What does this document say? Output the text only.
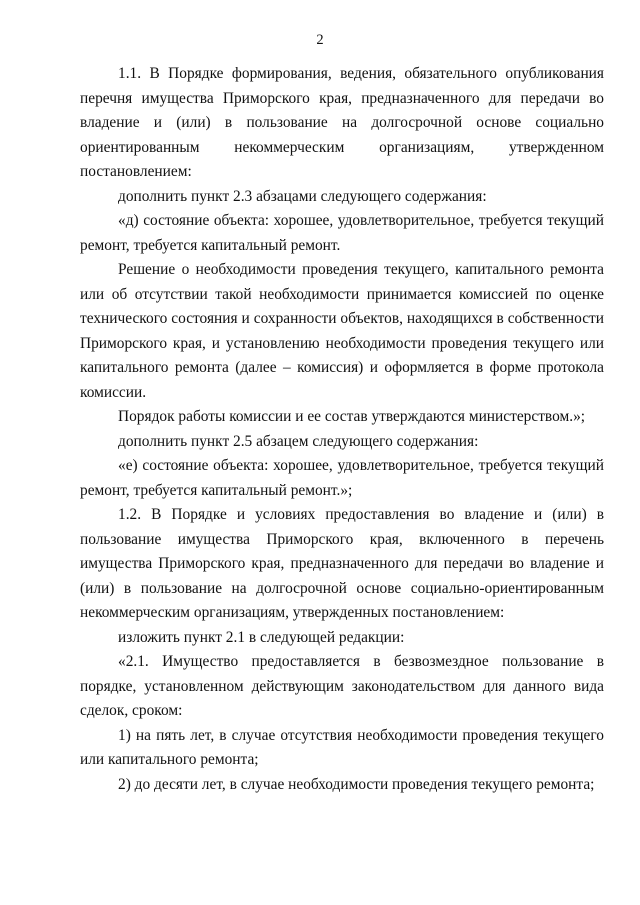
2

1.1. В Порядке формирования, ведения, обязательного опубликования перечня имущества Приморского края, предназначенного для передачи во владение и (или) в пользование на долгосрочной основе социально ориентированным некоммерческим организациям, утвержденном постановлением:

дополнить пункт 2.3 абзацами следующего содержания:

«д) состояние объекта: хорошее, удовлетворительное, требуется текущий ремонт, требуется капитальный ремонт.

Решение о необходимости проведения текущего, капитального ремонта или об отсутствии такой необходимости принимается комиссией по оценке технического состояния и сохранности объектов, находящихся в собственности Приморского края, и установлению необходимости проведения текущего или капитального ремонта (далее – комиссия) и оформляется в форме протокола комиссии.

Порядок работы комиссии и ее состав утверждаются министерством.»;

дополнить пункт 2.5 абзацем следующего содержания:

«е) состояние объекта: хорошее, удовлетворительное, требуется текущий ремонт, требуется капитальный ремонт.»;

1.2. В Порядке и условиях предоставления во владение и (или) в пользование имущества Приморского края, включенного в перечень имущества Приморского края, предназначенного для передачи во владение и (или) в пользование на долгосрочной основе социально-ориентированным некоммерческим организациям, утвержденных постановлением:

изложить пункт 2.1 в следующей редакции:

«2.1. Имущество предоставляется в безвозмездное пользование в порядке, установленном действующим законодательством для данного вида сделок, сроком:

1) на пять лет, в случае отсутствия необходимости проведения текущего или капитального ремонта;

2) до десяти лет, в случае необходимости проведения текущего ремонта;
